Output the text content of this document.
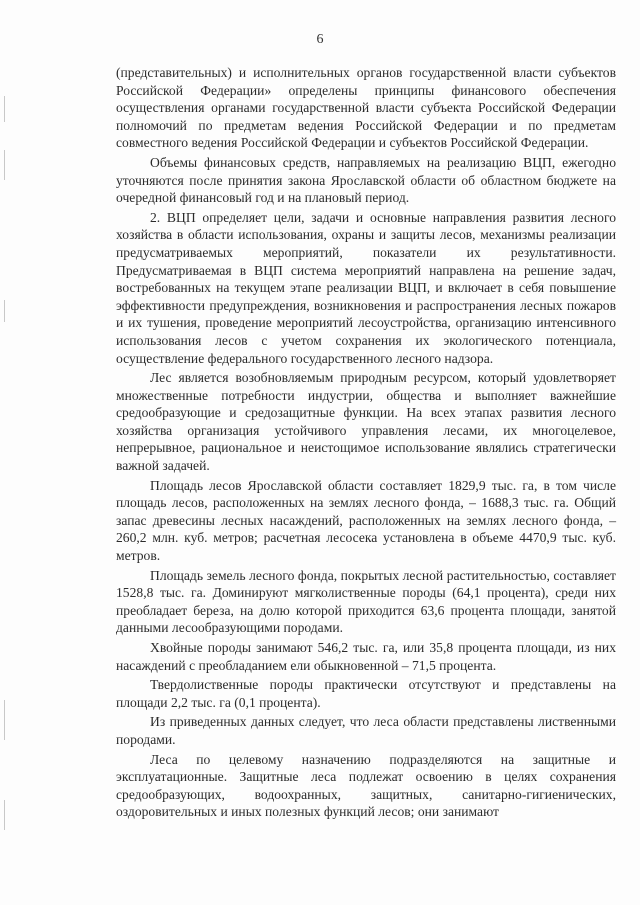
6

(представительных) и исполнительных органов государственной власти субъектов Российской Федерации» определены принципы финансового обеспечения осуществления органами государственной власти субъекта Российской Федерации полномочий по предметам ведения Российской Федерации и по предметам совместного ведения Российской Федерации и субъектов Российской Федерации.

Объемы финансовых средств, направляемых на реализацию ВЦП, ежегодно уточняются после принятия закона Ярославской области об областном бюджете на очередной финансовый год и на плановый период.

2. ВЦП определяет цели, задачи и основные направления развития лесного хозяйства в области использования, охраны и защиты лесов, механизмы реализации предусматриваемых мероприятий, показатели их результативности. Предусматриваемая в ВЦП система мероприятий направлена на решение задач, востребованных на текущем этапе реализации ВЦП, и включает в себя повышение эффективности предупреждения, возникновения и распространения лесных пожаров и их тушения, проведение мероприятий лесоустройства, организацию интенсивного использования лесов с учетом сохранения их экологического потенциала, осуществление федерального государственного лесного надзора.

Лес является возобновляемым природным ресурсом, который удовлетворяет множественные потребности индустрии, общества и выполняет важнейшие средообразующие и средозащитные функции. На всех этапах развития лесного хозяйства организация устойчивого управления лесами, их многоцелевое, непрерывное, рациональное и неистощимое использование являлись стратегически важной задачей.

Площадь лесов Ярославской области составляет 1829,9 тыс. га, в том числе площадь лесов, расположенных на землях лесного фонда, – 1688,3 тыс. га. Общий запас древесины лесных насаждений, расположенных на землях лесного фонда, – 260,2 млн. куб. метров; расчетная лесосека установлена в объеме 4470,9 тыс. куб. метров.

Площадь земель лесного фонда, покрытых лесной растительностью, составляет 1528,8 тыс. га. Доминируют мягколиственные породы (64,1 процента), среди них преобладает береза, на долю которой приходится 63,6 процента площади, занятой данными лесообразующими породами.

Хвойные породы занимают 546,2 тыс. га, или 35,8 процента площади, из них насаждений с преобладанием ели обыкновенной – 71,5 процента.

Твердолиственные породы практически отсутствуют и представлены на площади 2,2 тыс. га (0,1 процента).

Из приведенных данных следует, что леса области представлены лиственными породами.

Леса по целевому назначению подразделяются на защитные и эксплуатационные. Защитные леса подлежат освоению в целях сохранения средообразующих, водоохранных, защитных, санитарно-гигиенических, оздоровительных и иных полезных функций лесов; они занимают
